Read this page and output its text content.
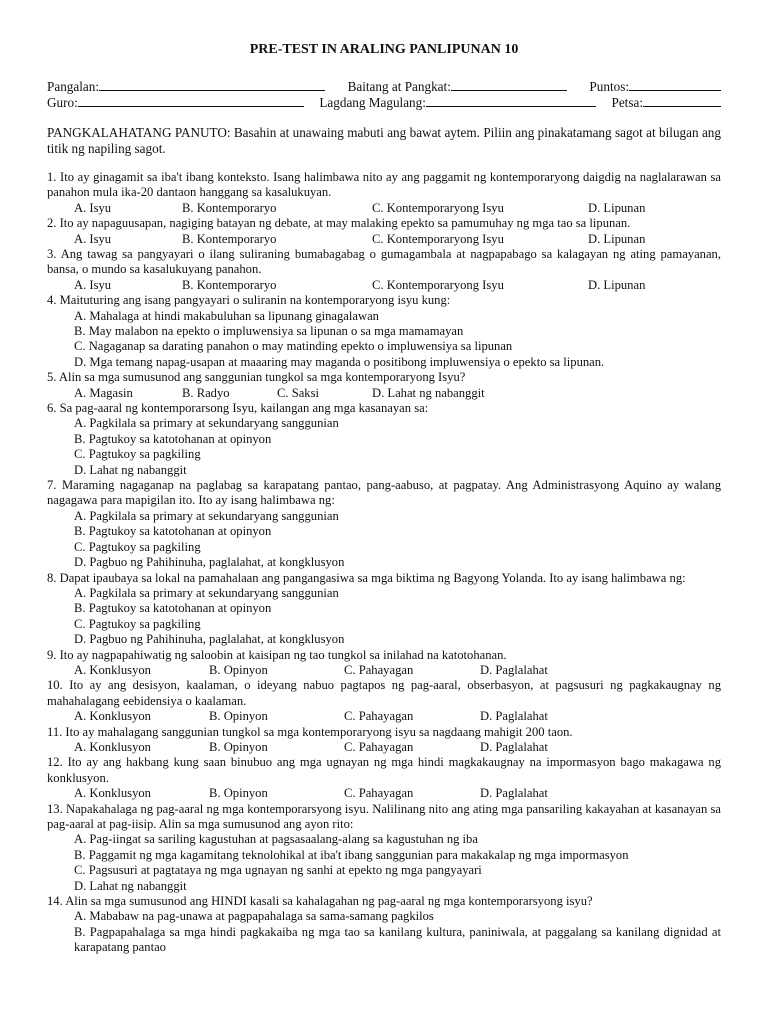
PRE-TEST IN ARALING PANLIPUNAN 10
Pangalan:	Baitang at Pangkat:	Puntos:
Guro:	Lagdang Magulang:	Petsa:
PANGKALAHATANG PANUTO: Basahin at unawaing mabuti ang bawat aytem. Piliin ang pinakatamang sagot at bilugan ang titik ng napiling sagot.
1. Ito ay ginagamit sa iba't ibang konteksto. Isang halimbawa nito ay ang paggamit ng kontemporaryong daigdig na naglalarawan sa panahon mula ika-20 dantaon hanggang sa kasalukuyan.
A. Isyu	B. Kontemporaryo	C. Kontemporaryong Isyu	D. Lipunan
2. Ito ay napaguusapan, nagiging batayan ng debate, at may malaking epekto sa pamumuhay ng mga tao sa lipunan.
A. Isyu	B. Kontemporaryo	C. Kontemporaryong Isyu	D. Lipunan
3. Ang tawag sa pangyayari o ilang suliraning bumabagabag o gumagambala at nagpapabago sa kalagayan ng ating pamayanan, bansa, o mundo sa kasalukuyang panahon.
A. Isyu	B. Kontemporaryo	C. Kontemporaryong Isyu	D. Lipunan
4. Maituturing ang isang pangyayari o suliranin na kontemporaryong isyu kung:
A. Mahalaga at hindi makabuluhan sa lipunang ginagalawan
B. May malabon na epekto o impluwensiya sa lipunan o sa mga mamamayan
C. Nagaganap sa darating panahon o may matinding epekto o impluwensiya sa lipunan
D. Mga temang napag-usapan at maaaring may maganda o positibong impluwensiya o epekto sa lipunan.
5. Alin sa mga sumusunod ang sanggunian tungkol sa mga kontemporaryong Isyu?
A. Magasin	B. Radyo	C. Saksi	D. Lahat ng nabanggit
6. Sa pag-aaral ng kontemporarsong Isyu, kailangan ang mga kasanayan sa:
A. Pagkilala sa primary at sekundaryang sanggunian
B. Pagtukoy sa katotohanan at opinyon
C. Pagtukoy sa pagkiling
D. Lahat ng nabanggit
7. Maraming nagaganap na paglabag sa karapatang pantao, pang-aabuso, at pagpatay. Ang Administrasyong Aquino ay walang nagagawa para mapigilan ito. Ito ay isang halimbawa ng:
A. Pagkilala sa primary at sekundaryang sanggunian
B. Pagtukoy sa katotohanan at opinyon
C. Pagtukoy sa pagkiling
D. Pagbuo ng Pahihinuha, paglalahat, at kongklusyon
8. Dapat ipaubaya sa lokal na pamahalaan ang pangangasiwa sa mga biktima ng Bagyong Yolanda. Ito ay isang halimbawa ng:
A. Pagkilala sa primary at sekundaryang sanggunian
B. Pagtukoy sa katotohanan at opinyon
C. Pagtukoy sa pagkiling
D. Pagbuo ng Pahihinuha, paglalahat, at kongklusyon
9. Ito ay nagpapahiwatig ng saloobin at kaisipan ng tao tungkol sa inilahad na katotohanan.
A. Konklusyon	B. Opinyon	C. Pahayagan	D. Paglalahat
10. Ito ay ang desisyon, kaalaman, o ideyang nabuo pagtapos ng pag-aaral, obserbasyon, at pagsusuri ng pagkakaugnay ng mahahalagang eebidensiya o kaalaman.
A. Konklusyon	B. Opinyon	C. Pahayagan	D. Paglalahat
11. Ito ay mahalagang sanggunian tungkol sa mga kontemporaryong isyu sa nagdaang mahigit 200 taon.
A. Konklusyon	B. Opinyon	C. Pahayagan	D. Paglalahat
12. Ito ay ang hakbang kung saan binubuo ang mga ugnayan ng mga hindi magkakaugnay na impormasyon bago makagawa ng konklusyon.
A. Konklusyon	B. Opinyon	C. Pahayagan	D. Paglalahat
13. Napakahalaga ng pag-aaral ng mga kontemporarsyong isyu. Nalilinang nito ang ating mga pansariling kakayahan at kasanayan sa pag-aaral at pag-iisip. Alin sa mga sumusunod ang ayon rito:
A. Pag-iingat sa sariling kagustuhan at pagsasaalang-alang sa kagustuhan ng iba
B. Paggamit ng mga kagamitang teknolohikal at iba't ibang sanggunian para makakalap ng mga impormasyon
C. Pagsusuri at pagtataya ng mga ugnayan ng sanhi at epekto ng mga pangyayari
D. Lahat ng nabanggit
14. Alin sa mga sumusunod ang HINDI kasali sa kahalagahan ng pag-aaral ng mga kontemporarsyong isyu?
A. Mababaw na pag-unawa at pagpapahalaga sa sama-samang pagkilos
B. Pagpapahalaga sa mga hindi pagkakaiba ng mga tao sa kanilang kultura, paniniwala, at paggalang sa kanilang dignidad at karapatang pantao
